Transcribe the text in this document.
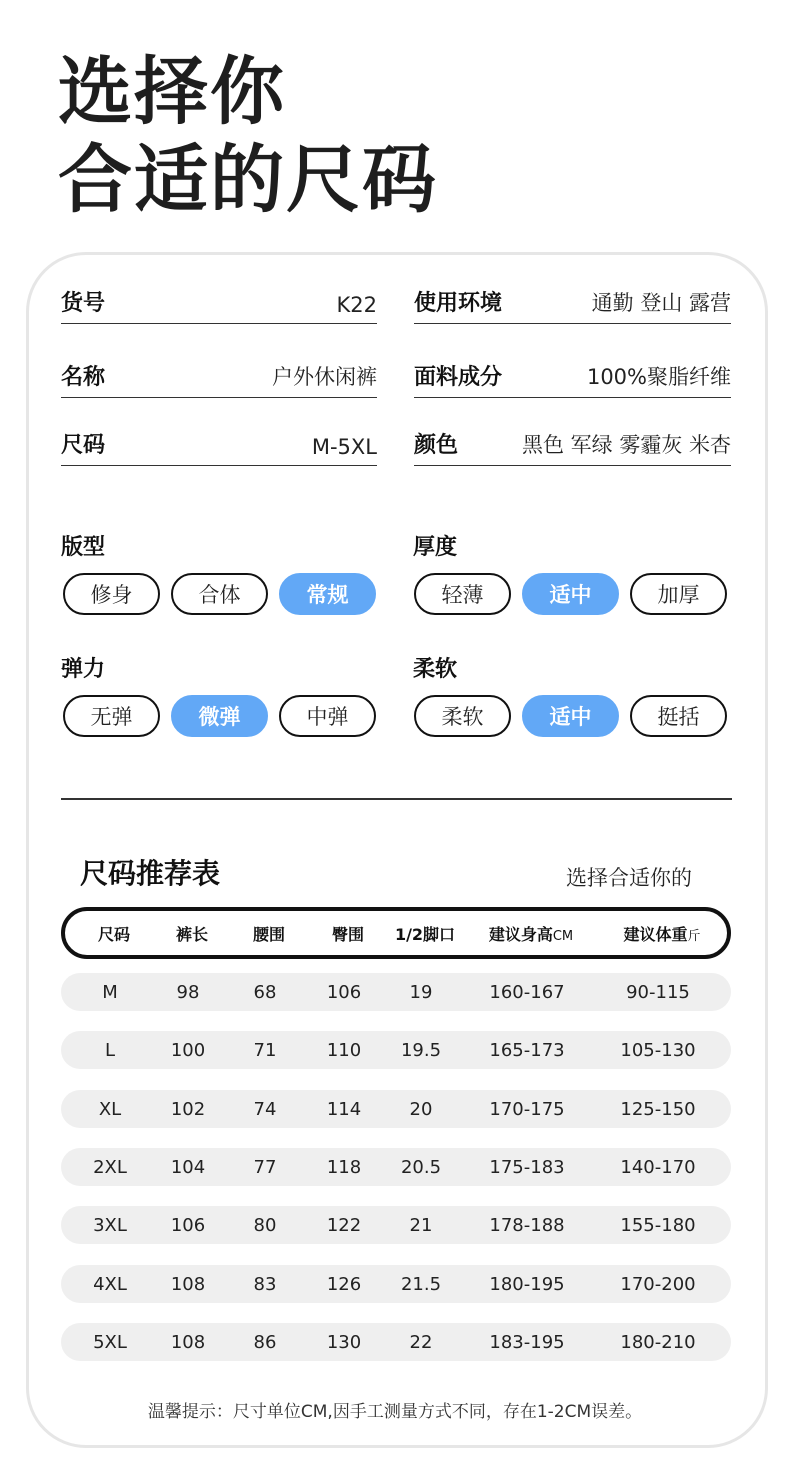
选择你
合适的尺码
货号	K22 使用环境	通勤 登山 露营
名称	户外休闲裤 面料成分	100%聚脂纤维
尺码	M-5XL 颜色	黑色 军绿 雾霾灰 米杏
版型
修身	合体	常规
厚度
轻薄	适中	加厚
弹力
无弹	微弹	中弹
柔软
柔软	适中	挺括
尺码推荐表	选择合适你的
尺码	裤长	腰围	臀围	1/2脚口	建议身高CM	建议体重斤
M	98	68	106	19	160-167	90-115
L	100	71	110	19.5	165-173	105-130
XL	102	74	114	20	170-175	125-150
2XL	104	77	118	20.5	175-183	140-170
3XL	106	80	122	21	178-188	155-180
4XL	108	83	126	21.5	180-195	170-200
5XL	108	86	130	22	183-195	180-210
温馨提示：尺寸单位CM,因手工测量方式不同，存在1-2CM误差。
